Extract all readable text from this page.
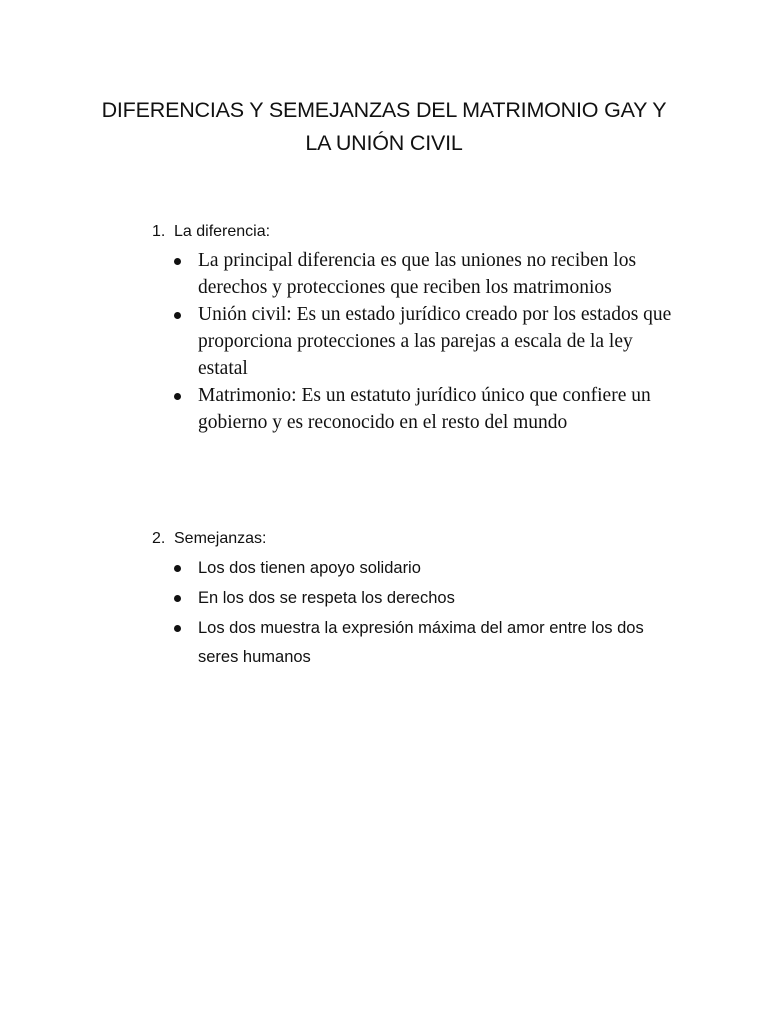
DIFERENCIAS Y SEMEJANZAS DEL MATRIMONIO GAY Y
LA UNIÓN CIVIL

1. La diferencia:

La principal diferencia es que las uniones no reciben los derechos y protecciones que reciben los matrimonios
Unión civil: Es un estado jurídico creado por los estados que proporciona protecciones a las parejas a escala de la ley estatal
Matrimonio: Es un estatuto jurídico único que confiere un gobierno y es reconocido en el resto del mundo

2. Semejanzas:

Los dos tienen apoyo solidario
En los dos se respeta los derechos
Los dos muestra la expresión máxima del amor entre los dos seres humanos
